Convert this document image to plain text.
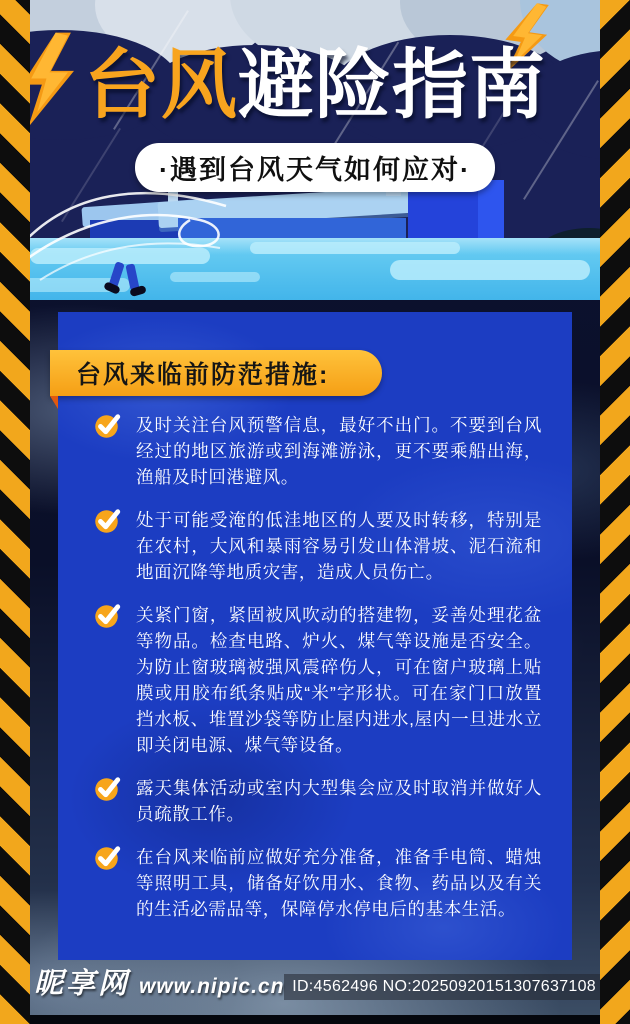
台风避险指南
·遇到台风天气如何应对·
台风来临前防范措施:
及时关注台风预警信息，最好不出门。不要到台风经过的地区旅游或到海滩游泳，更不要乘船出海，渔船及时回港避风。
处于可能受淹的低洼地区的人要及时转移，特别是在农村，大风和暴雨容易引发山体滑坡、泥石流和地面沉降等地质灾害，造成人员伤亡。
关紧门窗，紧固被风吹动的搭建物，妥善处理花盆等物品。检查电路、炉火、煤气等设施是否安全。为防止窗玻璃被强风震碎伤人，可在窗户玻璃上贴膜或用胶布纸条贴成“米”字形状。可在家门口放置挡水板、堆置沙袋等防止屋内进水,屋内一旦进水立即关闭电源、煤气等设备。
露天集体活动或室内大型集会应及时取消并做好人员疏散工作。
在台风来临前应做好充分准备，准备手电筒、蜡烛等照明工具，储备好饮用水、食物、药品以及有关的生活必需品等，保障停水停电后的基本生活。
昵享网 www.nipic.cn ID:4562496 NO:20250920151307637108
